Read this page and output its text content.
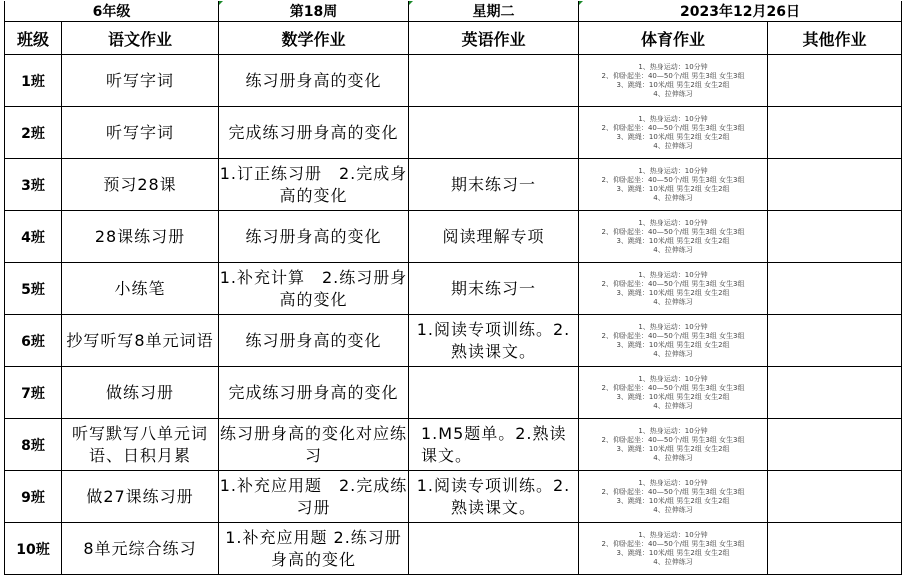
6年级		第18周	星期二	2023年12月26日	
班级	语文作业	数学作业	英语作业	体育作业	其他作业
1班	听写字词	练习册身高的变化		1、热身运动：10分钟
2、仰卧起坐：40—50个/组 男生3组 女生3组
3、跳绳：10米/组 男生2组 女生2组
4、拉伸练习	
2班	听写字词	完成练习册身高的变化		1、热身运动：10分钟
2、仰卧起坐：40—50个/组 男生3组 女生3组
3、跳绳：10米/组 男生2组 女生2组
4、拉伸练习	
3班	预习28课	1.订正练习册　2.完成身高的变化	期末练习一	1、热身运动：10分钟
2、仰卧起坐：40—50个/组 男生3组 女生3组
3、跳绳：10米/组 男生2组 女生2组
4、拉伸练习	
4班	28课练习册	练习册身高的变化	阅读理解专项	1、热身运动：10分钟
2、仰卧起坐：40—50个/组 男生3组 女生3组
3、跳绳：10米/组 男生2组 女生2组
4、拉伸练习	
5班	小练笔	1.补充计算　2.练习册身高的变化	期末练习一	1、热身运动：10分钟
2、仰卧起坐：40—50个/组 男生3组 女生3组
3、跳绳：10米/组 男生2组 女生2组
4、拉伸练习	
6班	抄写听写8单元词语	练习册身高的变化	1.阅读专项训练。2.熟读课文。	1、热身运动：10分钟
2、仰卧起坐：40—50个/组 男生3组 女生3组
3、跳绳：10米/组 男生2组 女生2组
4、拉伸练习	
7班	做练习册	完成练习册身高的变化		1、热身运动：10分钟
2、仰卧起坐：40—50个/组 男生3组 女生3组
3、跳绳：10米/组 男生2组 女生2组
4、拉伸练习	
8班	听写默写八单元词语、日积月累	练习册身高的变化对应练习	1.M5题单。2.熟读课文。	1、热身运动：10分钟
2、仰卧起坐：40—50个/组 男生3组 女生3组
3、跳绳：10米/组 男生2组 女生2组
4、拉伸练习	
9班	做27课练习册	1.补充应用题　2.完成练习册	1.阅读专项训练。2.熟读课文。	1、热身运动：10分钟
2、仰卧起坐：40—50个/组 男生3组 女生3组
3、跳绳：10米/组 男生2组 女生2组
4、拉伸练习	
10班	8单元综合练习	1.补充应用题 2.练习册身高的变化		1、热身运动：10分钟
2、仰卧起坐：40—50个/组 男生3组 女生3组
3、跳绳：10米/组 男生2组 女生2组
4、拉伸练习	
